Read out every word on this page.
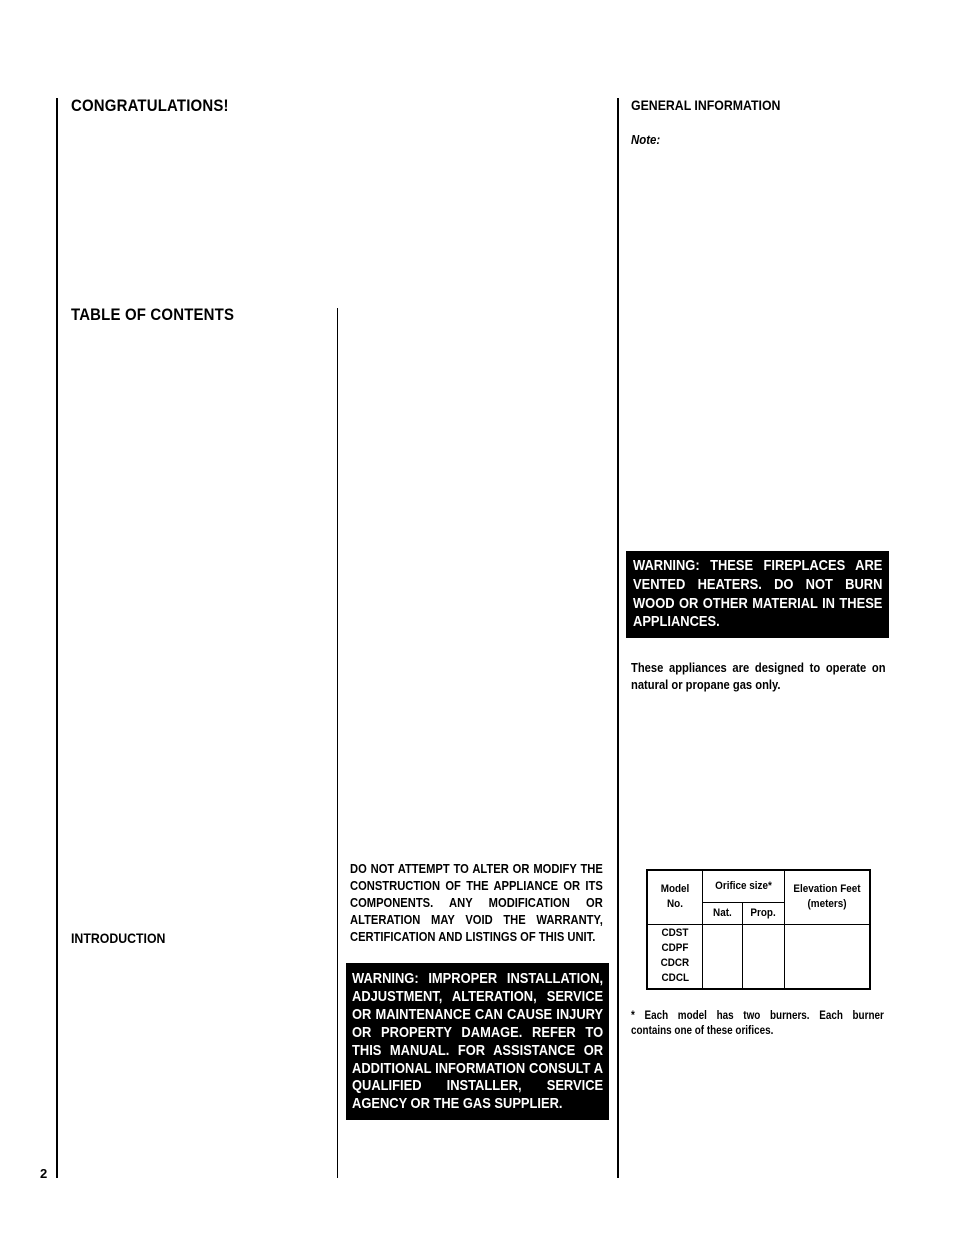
CONGRATULATIONS!
TABLE OF CONTENTS
INTRODUCTION
2
DO NOT ATTEMPT TO ALTER OR MODIFY THE CONSTRUCTION OF THE APPLIANCE OR ITS COMPONENTS. ANY MODIFICATION OR ALTERATION MAY VOID THE WARRANTY, CERTIFICATION AND LISTINGS OF THIS UNIT.
WARNING: IMPROPER INSTALLATION, ADJUSTMENT, ALTERATION, SERVICE OR MAINTENANCE CAN CAUSE INJURY OR PROPERTY DAMAGE. REFER TO THIS MANUAL. FOR ASSISTANCE OR ADDITIONAL INFORMATION CONSULT A QUALIFIED INSTALLER, SERVICE AGENCY OR THE GAS SUPPLIER.
GENERAL INFORMATION
Note:
WARNING: THESE FIREPLACES ARE VENTED HEATERS. DO NOT BURN WOOD OR OTHER MATERIAL IN THESE APPLIANCES.
These appliances are designed to operate on natural or propane gas only.
Model No.	Orifice size*		Elevation Feet (meters)
	Nat.	Prop.	
CDST
CDPF
CDCR
CDCL			
*  Each  model  has  two  burners.  Each  burner contains one of these orifices.
